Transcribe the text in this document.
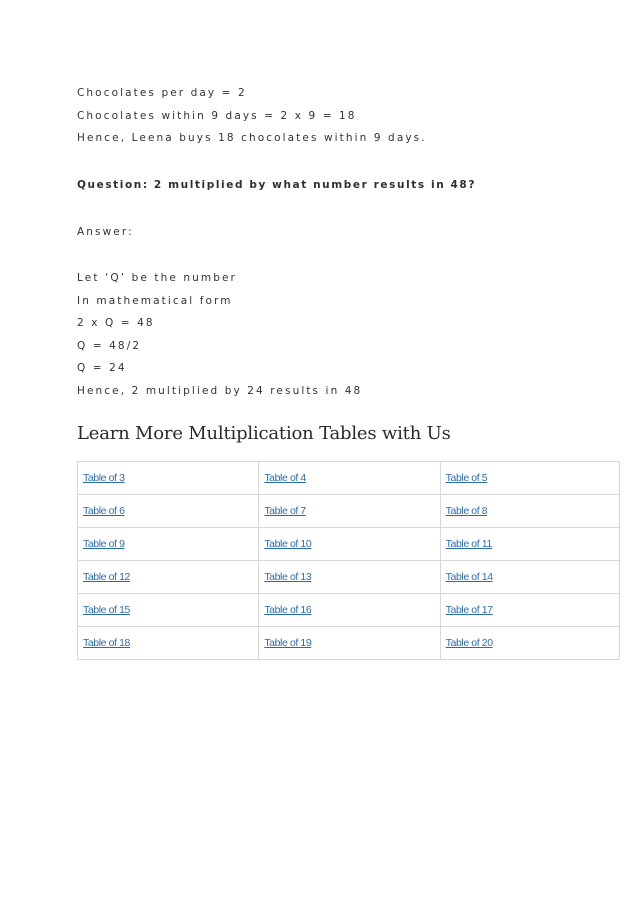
Chocolates per day = 2
Chocolates within 9 days = 2 x 9 = 18
Hence, Leena buys 18 chocolates within 9 days.
Question: 2 multiplied by what number results in 48?
Answer:
Let ‘Q’ be the number
In mathematical form
2 x Q = 48
Q = 48/2
Q = 24
Hence, 2 multiplied by 24 results in 48
Learn More Multiplication Tables with Us
Table of 3	Table of 4	Table of 5
Table of 6	Table of 7	Table of 8
Table of 9	Table of 10	Table of 11
Table of 12	Table of 13	Table of 14
Table of 15	Table of 16	Table of 17
Table of 18	Table of 19	Table of 20
